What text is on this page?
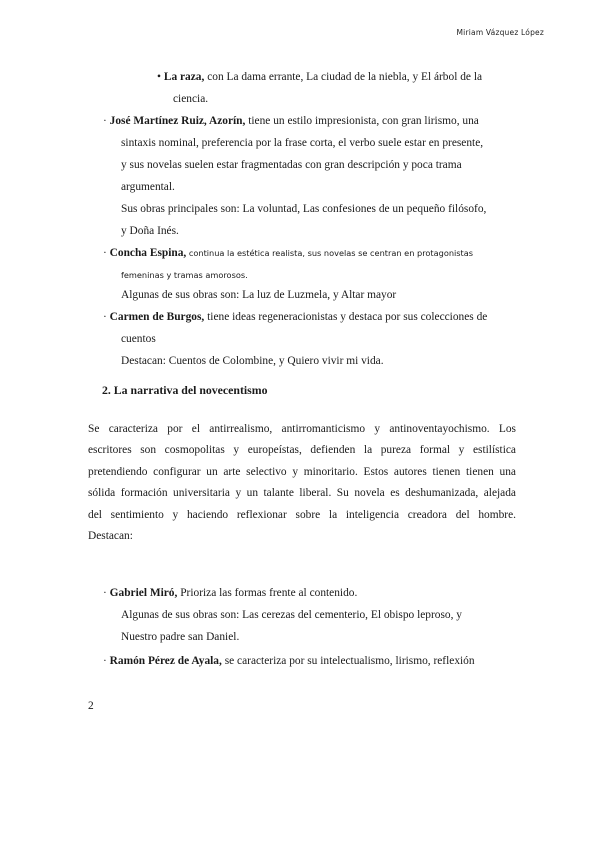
Miriam Vázquez López
• La raza, con La dama errante, La ciudad de la niebla, y El árbol de la
ciencia.
· José Martínez Ruiz, Azorín, tiene un estilo impresionista, con gran lirismo, una
sintaxis nominal, preferencia por la frase corta, el verbo suele estar en presente,
y sus novelas suelen estar fragmentadas con gran descripción y poca trama
argumental.
Sus obras principales son: La voluntad, Las confesiones de un pequeño filósofo,
y Doña Inés.
· Concha Espina, continua la estética realista, sus novelas se centran en protagonistas
femeninas y tramas amorosos.
Algunas de sus obras son: La luz de Luzmela, y Altar mayor
· Carmen de Burgos, tiene ideas regeneracionistas y destaca por sus colecciones de
cuentos
Destacan: Cuentos de Colombine, y Quiero vivir mi vida.
2. La narrativa del novecentismo
Se caracteriza por el antirrealismo, antirromanticismo y antinoventayochismo. Los
escritores son cosmopolitas y europeístas, defienden la pureza formal y estilística
pretendiendo configurar un arte selectivo y minoritario. Estos autores tienen tienen una
sólida formación universitaria y un talante liberal. Su novela es deshumanizada, alejada
del sentimiento y haciendo reflexionar sobre la inteligencia creadora del hombre.
Destacan:
· Gabriel Miró, Prioriza las formas frente al contenido.
Algunas de sus obras son: Las cerezas del cementerio, El obispo leproso, y
Nuestro padre san Daniel.
· Ramón Pérez de Ayala, se caracteriza por su intelectualismo, lirismo, reflexión
2
